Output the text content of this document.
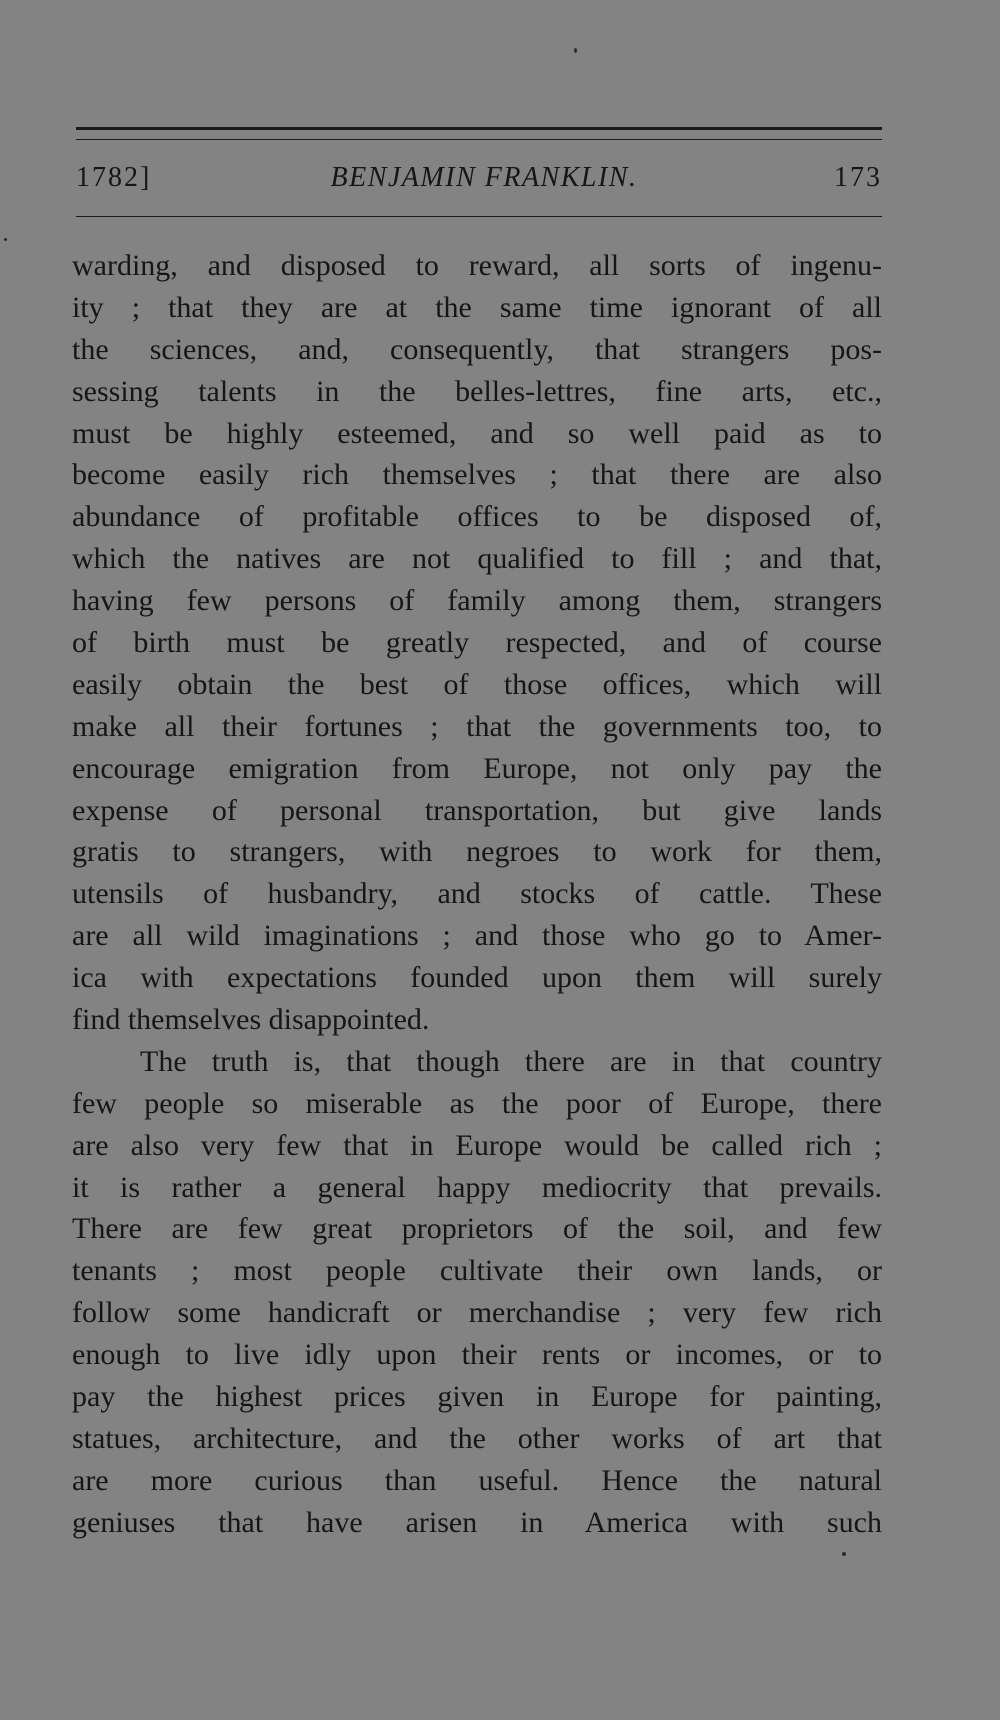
1782]	BENJAMIN FRANKLIN.	173
warding, and disposed to reward, all sorts of ingenu-
ity ; that they are at the same time ignorant of all
the sciences, and, consequently, that strangers pos-
sessing talents in the belles-lettres, fine arts, etc.,
must be highly esteemed, and so well paid as to
become easily rich themselves ; that there are also
abundance of profitable offices to be disposed of,
which the natives are not qualified to fill ; and that,
having few persons of family among them, strangers
of birth must be greatly respected, and of course
easily obtain the best of those offices, which will
make all their fortunes ; that the governments too, to
encourage emigration from Europe, not only pay the
expense of personal transportation, but give lands
gratis to strangers, with negroes to work for them,
utensils of husbandry, and stocks of cattle. These
are all wild imaginations ; and those who go to Amer-
ica with expectations founded upon them will surely
find themselves disappointed.
The truth is, that though there are in that country
few people so miserable as the poor of Europe, there
are also very few that in Europe would be called rich ;
it is rather a general happy mediocrity that prevails.
There are few great proprietors of the soil, and few
tenants ; most people cultivate their own lands, or
follow some handicraft or merchandise ; very few rich
enough to live idly upon their rents or incomes, or to
pay the highest prices given in Europe for painting,
statues, architecture, and the other works of art that
are more curious than useful. Hence the natural
geniuses that have arisen in America with such
